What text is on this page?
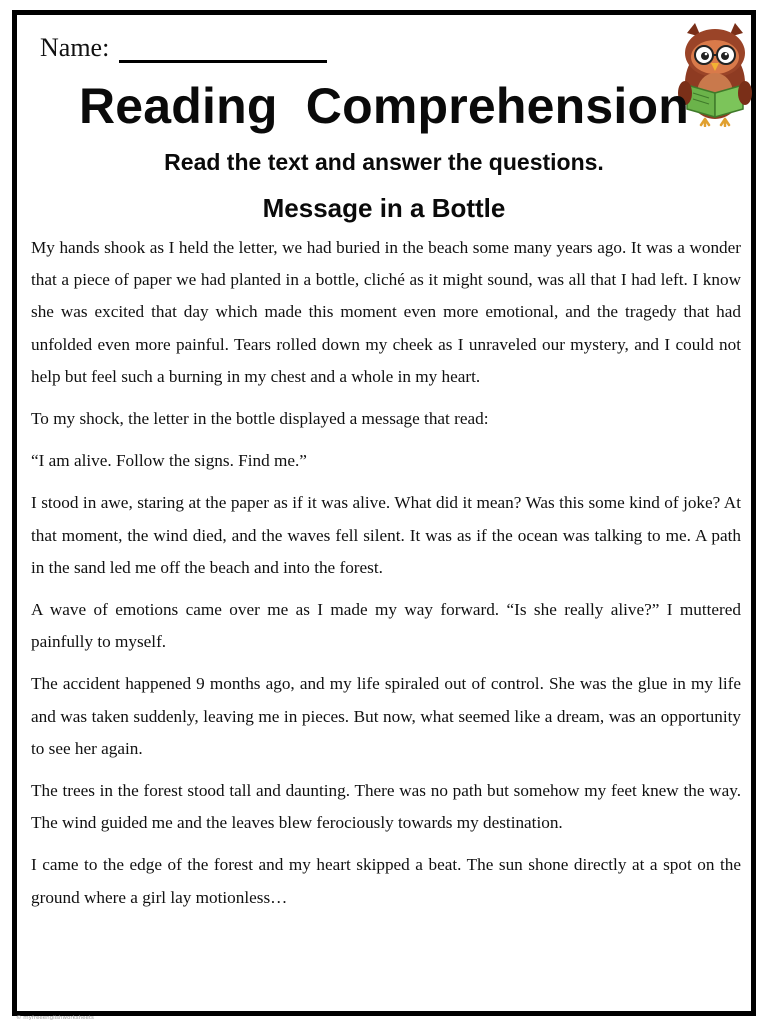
Name:
Reading  Comprehension
Read the text and answer the questions.
Message in a Bottle

My hands shook as I held the letter, we had buried in the beach some many years ago. It was a wonder that a piece of paper we had planted in a bottle, cliché as it might sound, was all that I had left. I know she was excited that day which made this moment even more emotional, and the tragedy that had unfolded even more painful. Tears rolled down my cheek as I unraveled our mystery, and I could not help but feel such a burning in my chest and a whole in my heart.

To my shock, the letter in the bottle displayed a message that read:

“I am alive. Follow the signs. Find me.”

I stood in awe, staring at the paper as if it was alive. What did it mean? Was this some kind of joke? At that moment, the wind died, and the waves fell silent. It was as if the ocean was talking to me. A path in the sand led me off the beach and into the forest.

A wave of emotions came over me as I made my way forward. “Is she really alive?” I muttered painfully to myself.

The accident happened 9 months ago, and my life spiraled out of control. She was the glue in my life and was taken suddenly, leaving me in pieces. But now, what seemed like a dream, was an opportunity to see her again.

The trees in the forest stood tall and daunting. There was no path but somehow my feet knew the way. The wind guided me and the leaves blew ferociously towards my destination.

I came to the edge of the forest and my heart skipped a beat. The sun shone directly at a spot on the ground where a girl lay motionless…

© myfreeenglishworksheets
